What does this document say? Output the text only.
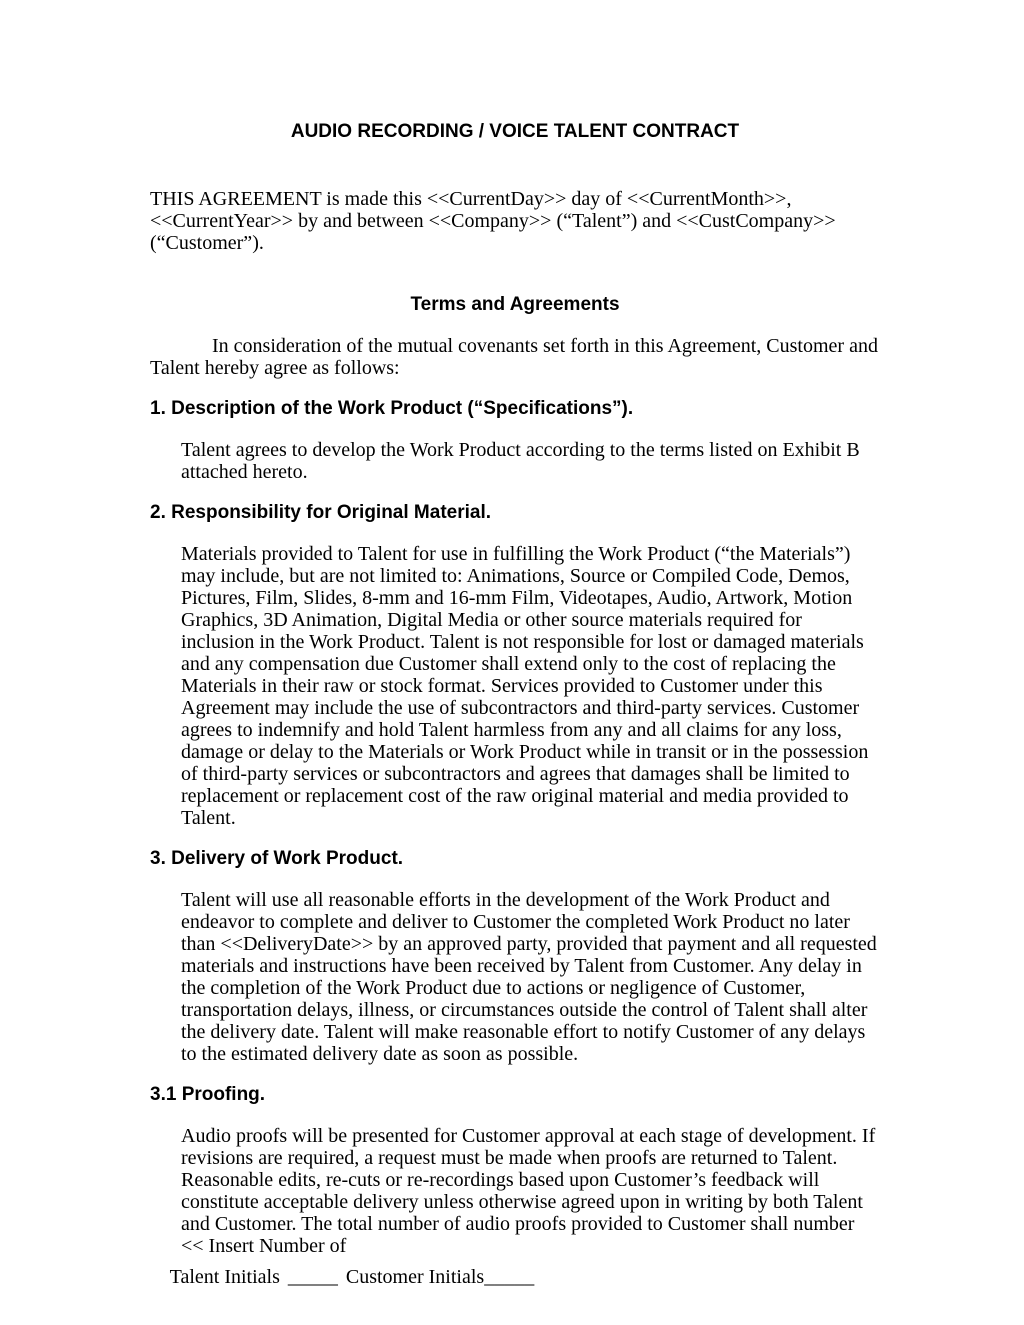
AUDIO RECORDING / VOICE TALENT CONTRACT

THIS AGREEMENT is made this <<CurrentDay>> day of <<CurrentMonth>>, <<CurrentYear>> by and between <<Company>> (“Talent”) and <<CustCompany>> (“Customer”).

Terms and Agreements

In consideration of the mutual covenants set forth in this Agreement, Customer and Talent hereby agree as follows:

1. Description of the Work Product (“Specifications”).

Talent agrees to develop the Work Product according to the terms listed on Exhibit B attached hereto.

2. Responsibility for Original Material.

Materials provided to Talent for use in fulfilling the Work Product (“the Materials”) may include, but are not limited to: Animations, Source or Compiled Code, Demos, Pictures, Film, Slides, 8-mm and 16-mm Film, Videotapes, Audio, Artwork, Motion Graphics, 3D Animation, Digital Media or other source materials required for inclusion in the Work Product. Talent is not responsible for lost or damaged materials and any compensation due Customer shall extend only to the cost of replacing the Materials in their raw or stock format. Services provided to Customer under this Agreement may include the use of subcontractors and third-party services. Customer agrees to indemnify and hold Talent harmless from any and all claims for any loss, damage or delay to the Materials or Work Product while in transit or in the possession of third-party services or subcontractors and agrees that damages shall be limited to replacement or replacement cost of the raw original material and media provided to Talent.

3. Delivery of Work Product.

Talent will use all reasonable efforts in the development of the Work Product and endeavor to complete and deliver to Customer the completed Work Product no later than <<DeliveryDate>> by an approved party, provided that payment and all requested materials and instructions have been received by Talent from Customer. Any delay in the completion of the Work Product due to actions or negligence of Customer, transportation delays, illness, or circumstances outside the control of Talent shall alter the delivery date. Talent will make reasonable effort to notify Customer of any delays to the estimated delivery date as soon as possible.

3.1 Proofing.

Audio proofs will be presented for Customer approval at each stage of development. If revisions are required, a request must be made when proofs are returned to Talent. Reasonable edits, re-cuts or re-recordings based upon Customer’s feedback will constitute acceptable delivery unless otherwise agreed upon in writing by both Talent and Customer. The total number of audio proofs provided to Customer shall number << Insert Number of

Talent Initials _____ Customer Initials_____
